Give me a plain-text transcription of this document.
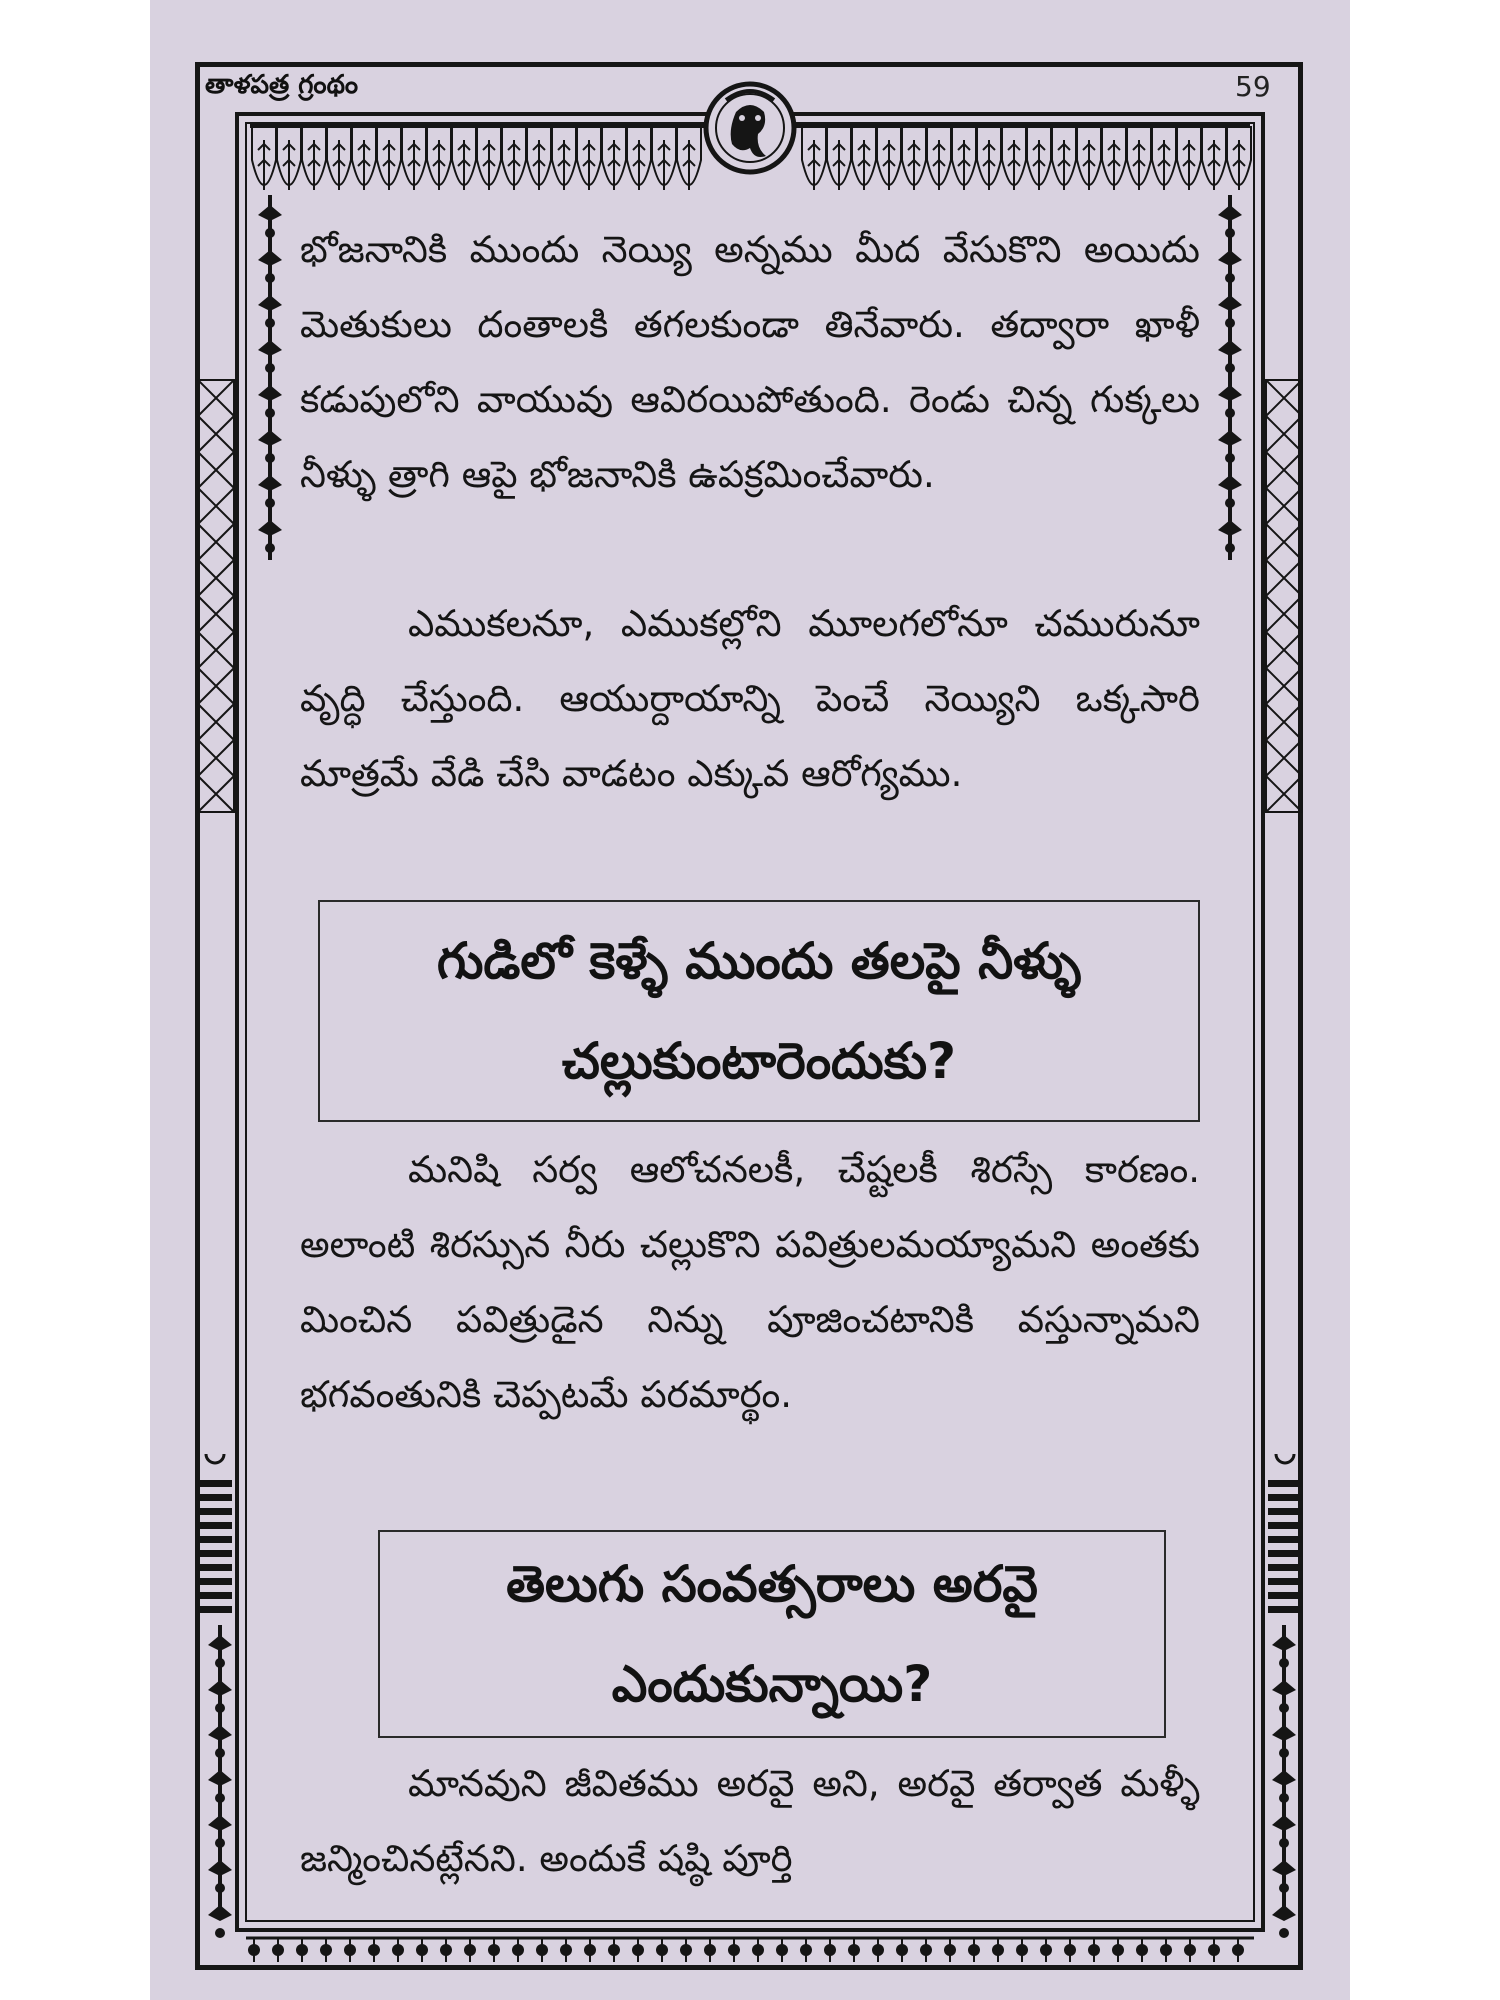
తాళపత్ర గ్రంథం	59

భోజనానికి ముందు నెయ్యి అన్నము మీద వేసుకొని అయిదు మెతుకులు దంతాలకి తగలకుండా తినేవారు. తద్వారా ఖాళీ కడుపులోని వాయువు ఆవిరయిపోతుంది. రెండు చిన్న గుక్కలు నీళ్ళు త్రాగి ఆపై భోజనానికి ఉపక్రమించేవారు.

ఎముకలనూ, ఎముకల్లోని మూలగలోనూ చమురునూ వృద్ధి చేస్తుంది. ఆయుర్దాయాన్ని పెంచే నెయ్యిని ఒక్కసారి మాత్రమే వేడి చేసి వాడటం ఎక్కువ ఆరోగ్యము.

గుడిలో కెళ్ళే ముందు తలపై నీళ్ళు
చల్లుకుంటారెందుకు?

మనిషి సర్వ ఆలోచనలకీ, చేష్టలకీ శిరస్సే కారణం. అలాంటి శిరస్సున నీరు చల్లుకొని పవిత్రులమయ్యామని అంతకు మించిన పవిత్రుడైన నిన్ను పూజించటానికి వస్తున్నామని భగవంతునికి చెప్పటమే పరమార్థం.

తెలుగు సంవత్సరాలు అరవై
ఎందుకున్నాయి?

మానవుని జీవితము అరవై అని, అరవై తర్వాత మళ్ళీ జన్మించినట్లేనని. అందుకే షష్ఠి పూర్తి
